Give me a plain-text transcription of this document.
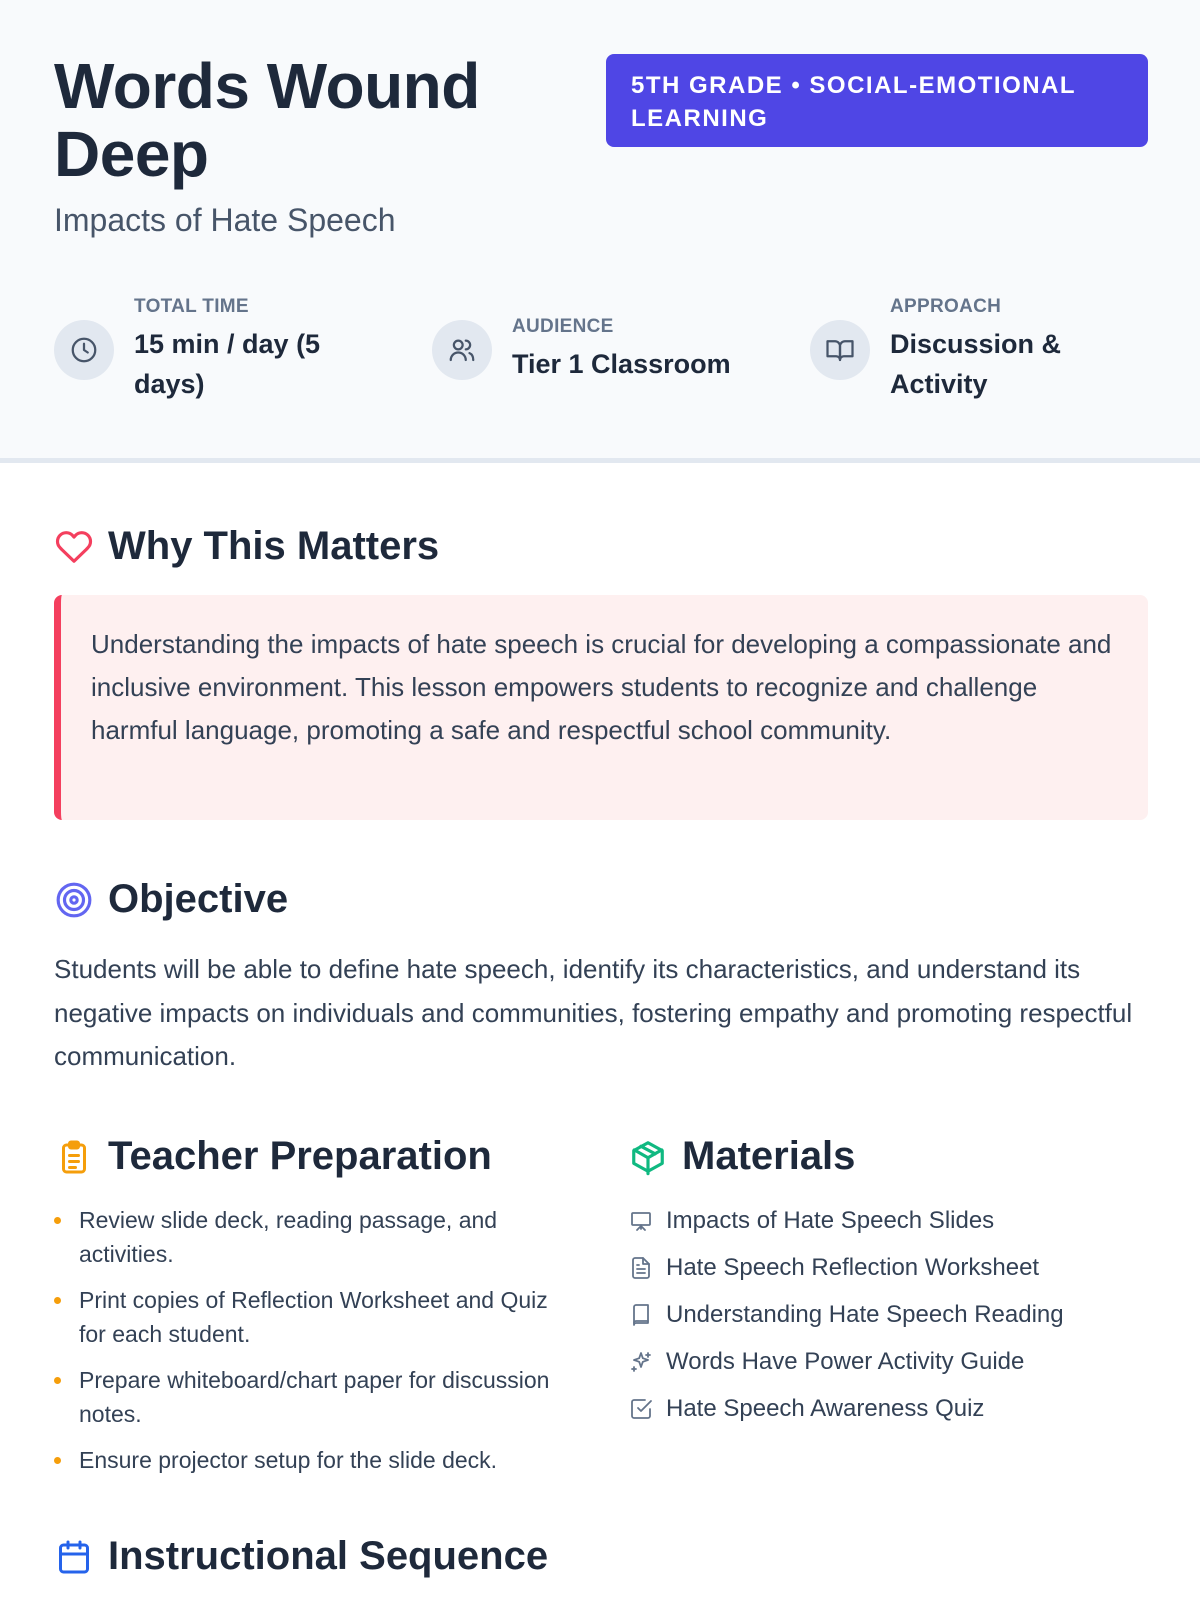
Words Wound Deep
Impacts of Hate Speech
5TH GRADE • SOCIAL-EMOTIONAL LEARNING
TOTAL TIME
15 min / day (5 days)
AUDIENCE
Tier 1 Classroom
APPROACH
Discussion & Activity
Why This Matters
Understanding the impacts of hate speech is crucial for developing a compassionate and inclusive environment. This lesson empowers students to recognize and challenge harmful language, promoting a safe and respectful school community.
Objective
Students will be able to define hate speech, identify its characteristics, and understand its negative impacts on individuals and communities, fostering empathy and promoting respectful communication.
Teacher Preparation
Review slide deck, reading passage, and activities.
Print copies of Reflection Worksheet and Quiz for each student.
Prepare whiteboard/chart paper for discussion notes.
Ensure projector setup for the slide deck.
Materials
Impacts of Hate Speech Slides
Hate Speech Reflection Worksheet
Understanding Hate Speech Reading
Words Have Power Activity Guide
Hate Speech Awareness Quiz
Instructional Sequence
